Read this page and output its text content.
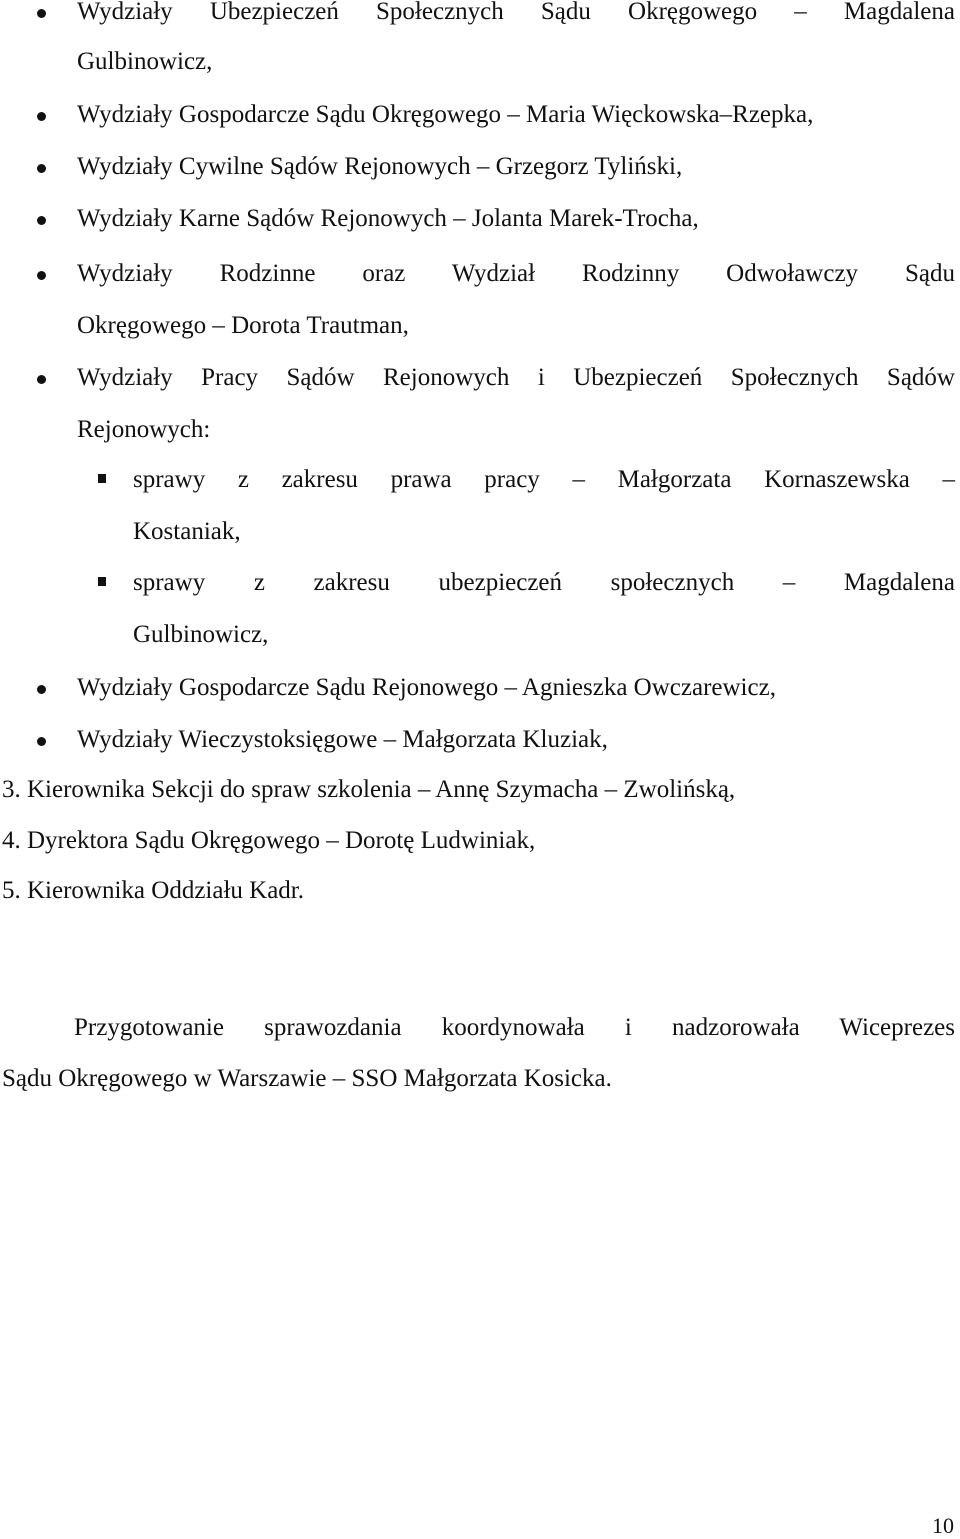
Wydziały Ubezpieczeń Społecznych Sądu Okręgowego – Magdalena
Gulbinowicz,
Wydziały Gospodarcze Sądu Okręgowego – Maria Więckowska–Rzepka,
Wydziały Cywilne Sądów Rejonowych – Grzegorz Tyliński,
Wydziały Karne Sądów Rejonowych – Jolanta Marek-Trocha,
Wydziały Rodzinne oraz Wydział Rodzinny Odwoławczy Sądu
Okręgowego – Dorota Trautman,
Wydziały Pracy Sądów Rejonowych i Ubezpieczeń Społecznych Sądów
Rejonowych:
sprawy z zakresu prawa pracy – Małgorzata Kornaszewska –
Kostaniak,
sprawy z zakresu ubezpieczeń społecznych – Magdalena
Gulbinowicz,
Wydziały Gospodarcze Sądu Rejonowego – Agnieszka Owczarewicz,
Wydziały Wieczystoksięgowe – Małgorzata Kluziak,
3. Kierownika Sekcji do spraw szkolenia – Annę Szymacha – Zwolińską,
4. Dyrektora Sądu Okręgowego – Dorotę Ludwiniak,
5. Kierownika Oddziału Kadr.
Przygotowanie sprawozdania koordynowała i nadzorowała Wiceprezes
Sądu Okręgowego w Warszawie – SSO Małgorzata Kosicka.
10
